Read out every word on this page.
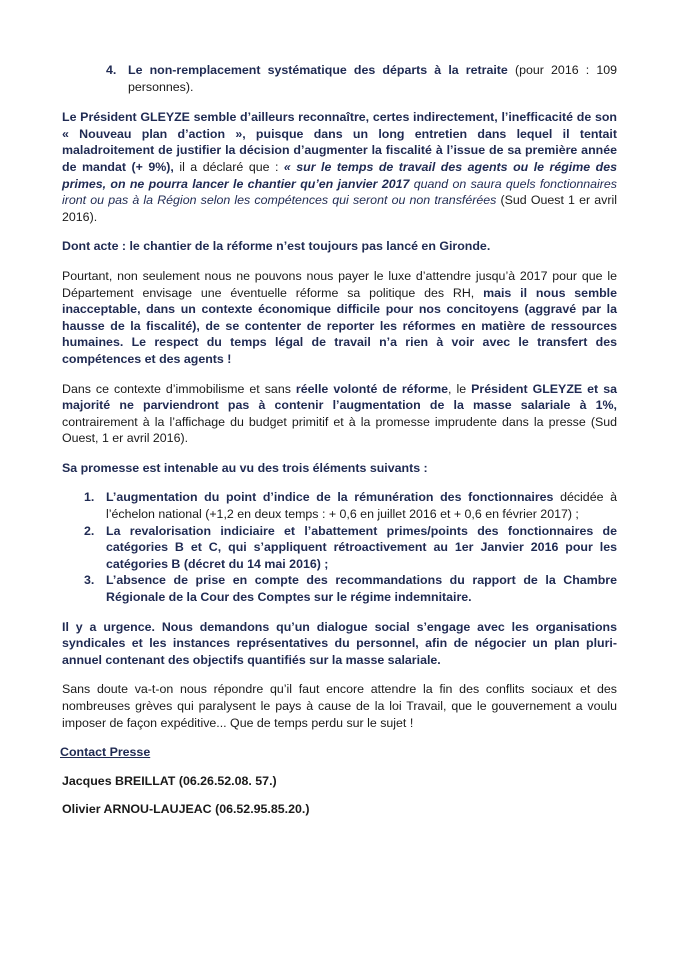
4. Le non-remplacement systématique des départs à la retraite (pour 2016 : 109 personnes).

Le Président GLEYZE semble d’ailleurs reconnaître, certes indirectement, l’inefficacité de son « Nouveau plan d’action », puisque dans un long entretien dans lequel il tentait maladroitement de justifier la décision d’augmenter la fiscalité à l’issue de sa première année de mandat (+ 9%), il a déclaré que : « sur le temps de travail des agents ou le régime des primes, on ne pourra lancer le chantier qu’en janvier 2017 quand on saura quels fonctionnaires iront ou pas à la Région selon les compétences qui seront ou non transférées (Sud Ouest 1 er avril 2016).

Dont acte : le chantier de la réforme n’est toujours pas lancé en Gironde.

Pourtant, non seulement nous ne pouvons nous payer le luxe d’attendre jusqu’à 2017 pour que le Département envisage une éventuelle réforme sa politique des RH, mais il nous semble inacceptable, dans un contexte économique difficile pour nos concitoyens (aggravé par la hausse de la fiscalité), de se contenter de reporter les réformes en matière de ressources humaines. Le respect du temps légal de travail n’a rien à voir avec le transfert des compétences et des agents !

Dans ce contexte d’immobilisme et sans réelle volonté de réforme, le Président GLEYZE et sa majorité ne parviendront pas à contenir l’augmentation de la masse salariale à 1%, contrairement à la l’affichage du budget primitif et à la promesse imprudente dans la presse (Sud Ouest, 1 er avril 2016).

Sa promesse est intenable au vu des trois éléments suivants :

1. L’augmentation du point d’indice de la rémunération des fonctionnaires décidée à l’échelon national (+1,2 en deux temps : + 0,6 en juillet 2016 et + 0,6 en février 2017) ;
2. La revalorisation indiciaire et l’abattement primes/points des fonctionnaires de catégories B et C, qui s’appliquent rétroactivement au 1er Janvier 2016 pour les catégories B (décret du 14 mai 2016) ;
3. L’absence de prise en compte des recommandations du rapport de la Chambre Régionale de la Cour des Comptes sur le régime indemnitaire.

Il y a urgence. Nous demandons qu’un dialogue social s’engage avec les organisations syndicales et les instances représentatives du personnel, afin de négocier un plan pluri-annuel contenant des objectifs quantifiés sur la masse salariale.

Sans doute va-t-on nous répondre qu’il faut encore attendre la fin des conflits sociaux et des nombreuses grèves qui paralysent le pays à cause de la loi Travail, que le gouvernement a voulu imposer de façon expéditive... Que de temps perdu sur le sujet !

Contact Presse
Jacques BREILLAT (06.26.52.08. 57.)
Olivier ARNOU-LAUJEAC (06.52.95.85.20.)
